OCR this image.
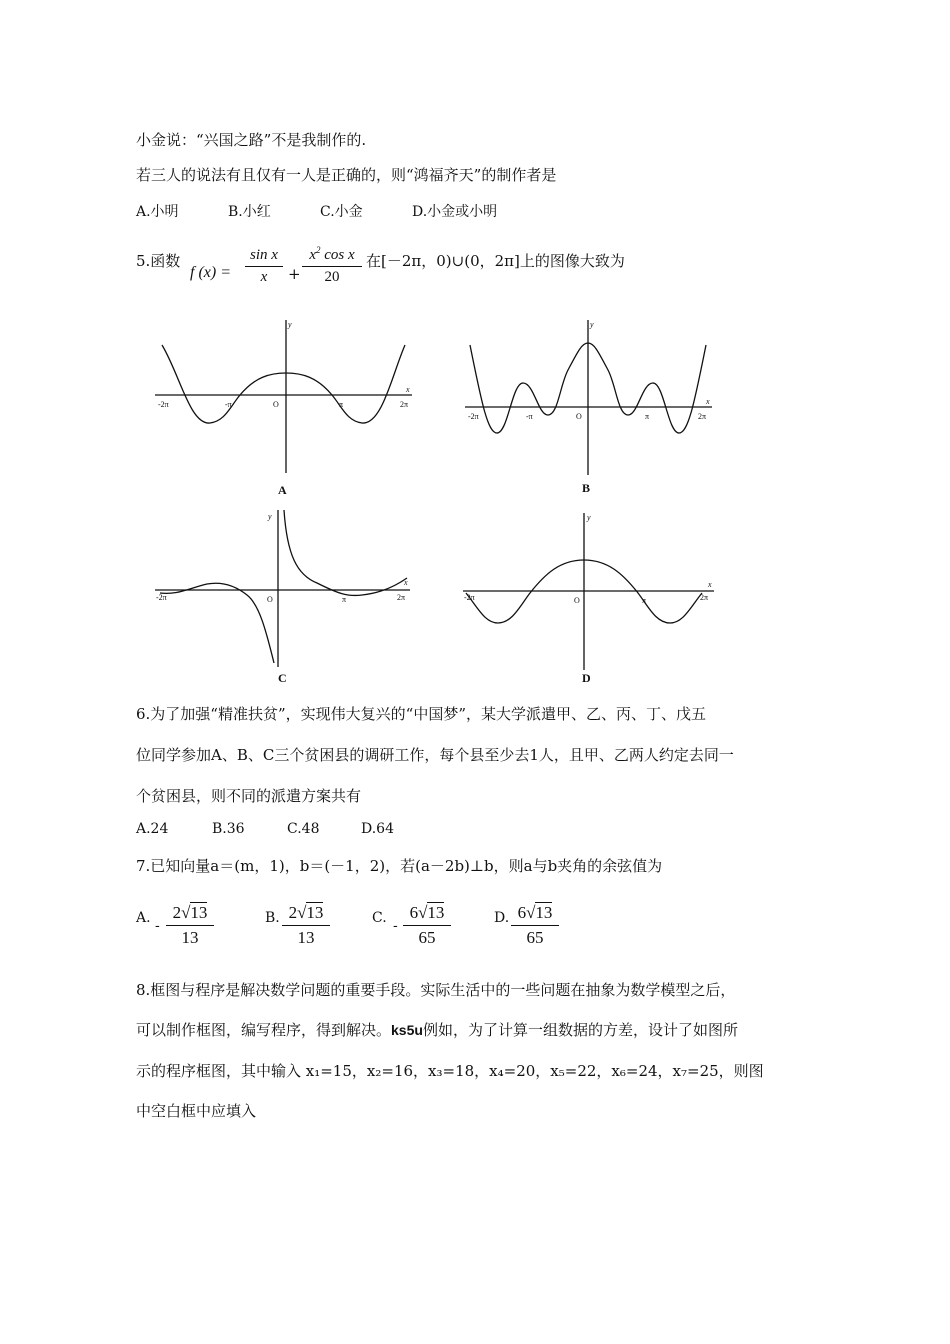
小金说：“兴国之路”不是我制作的.
若三人的说法有且仅有一人是正确的，则“鸿福齐天”的制作者是
A.小明	B.小红	C.小金	D.小金或小明
5.函数
f (x) =
sin x
x	+
$x^2$ cos x
20
在[－2π，0)∪(0，2π]上的图像大致为
y
x
O
-2π	-π	π	2π
A
y
x
O
-2π	-π	π	2π
B
y
x
O
-2π	π	2π
C
y
x
O
-2π	π	2π
D
6.为了加强“精准扶贫”，实现伟大复兴的“中国梦”，某大学派遣甲、乙、丙、丁、戊五
位同学参加A、B、C三个贫困县的调研工作，每个县至少去1人，且甲、乙两人约定去同一
个贫困县，则不同的派遣方案共有
A.24	B.36	C.48	D.64
7.已知向量a＝(m，1)，b＝(－1，2)，若(a－2b)⊥b，则a与b夹角的余弦值为
A. -
2√13
13
B. 2√13
13
C. -
6√13
65
D. 6√13
65
8.框图与程序是解决数学问题的重要手段。实际生活中的一些问题在抽象为数学模型之后，
可以制作框图，编写程序，得到解决。ks5u例如，为了计算一组数据的方差，设计了如图所
示的程序框图，其中输入 x₁=15，x₂=16，x₃=18，x₄=20，x₅=22，x₆=24，x₇=25，则图
中空白框中应填入
